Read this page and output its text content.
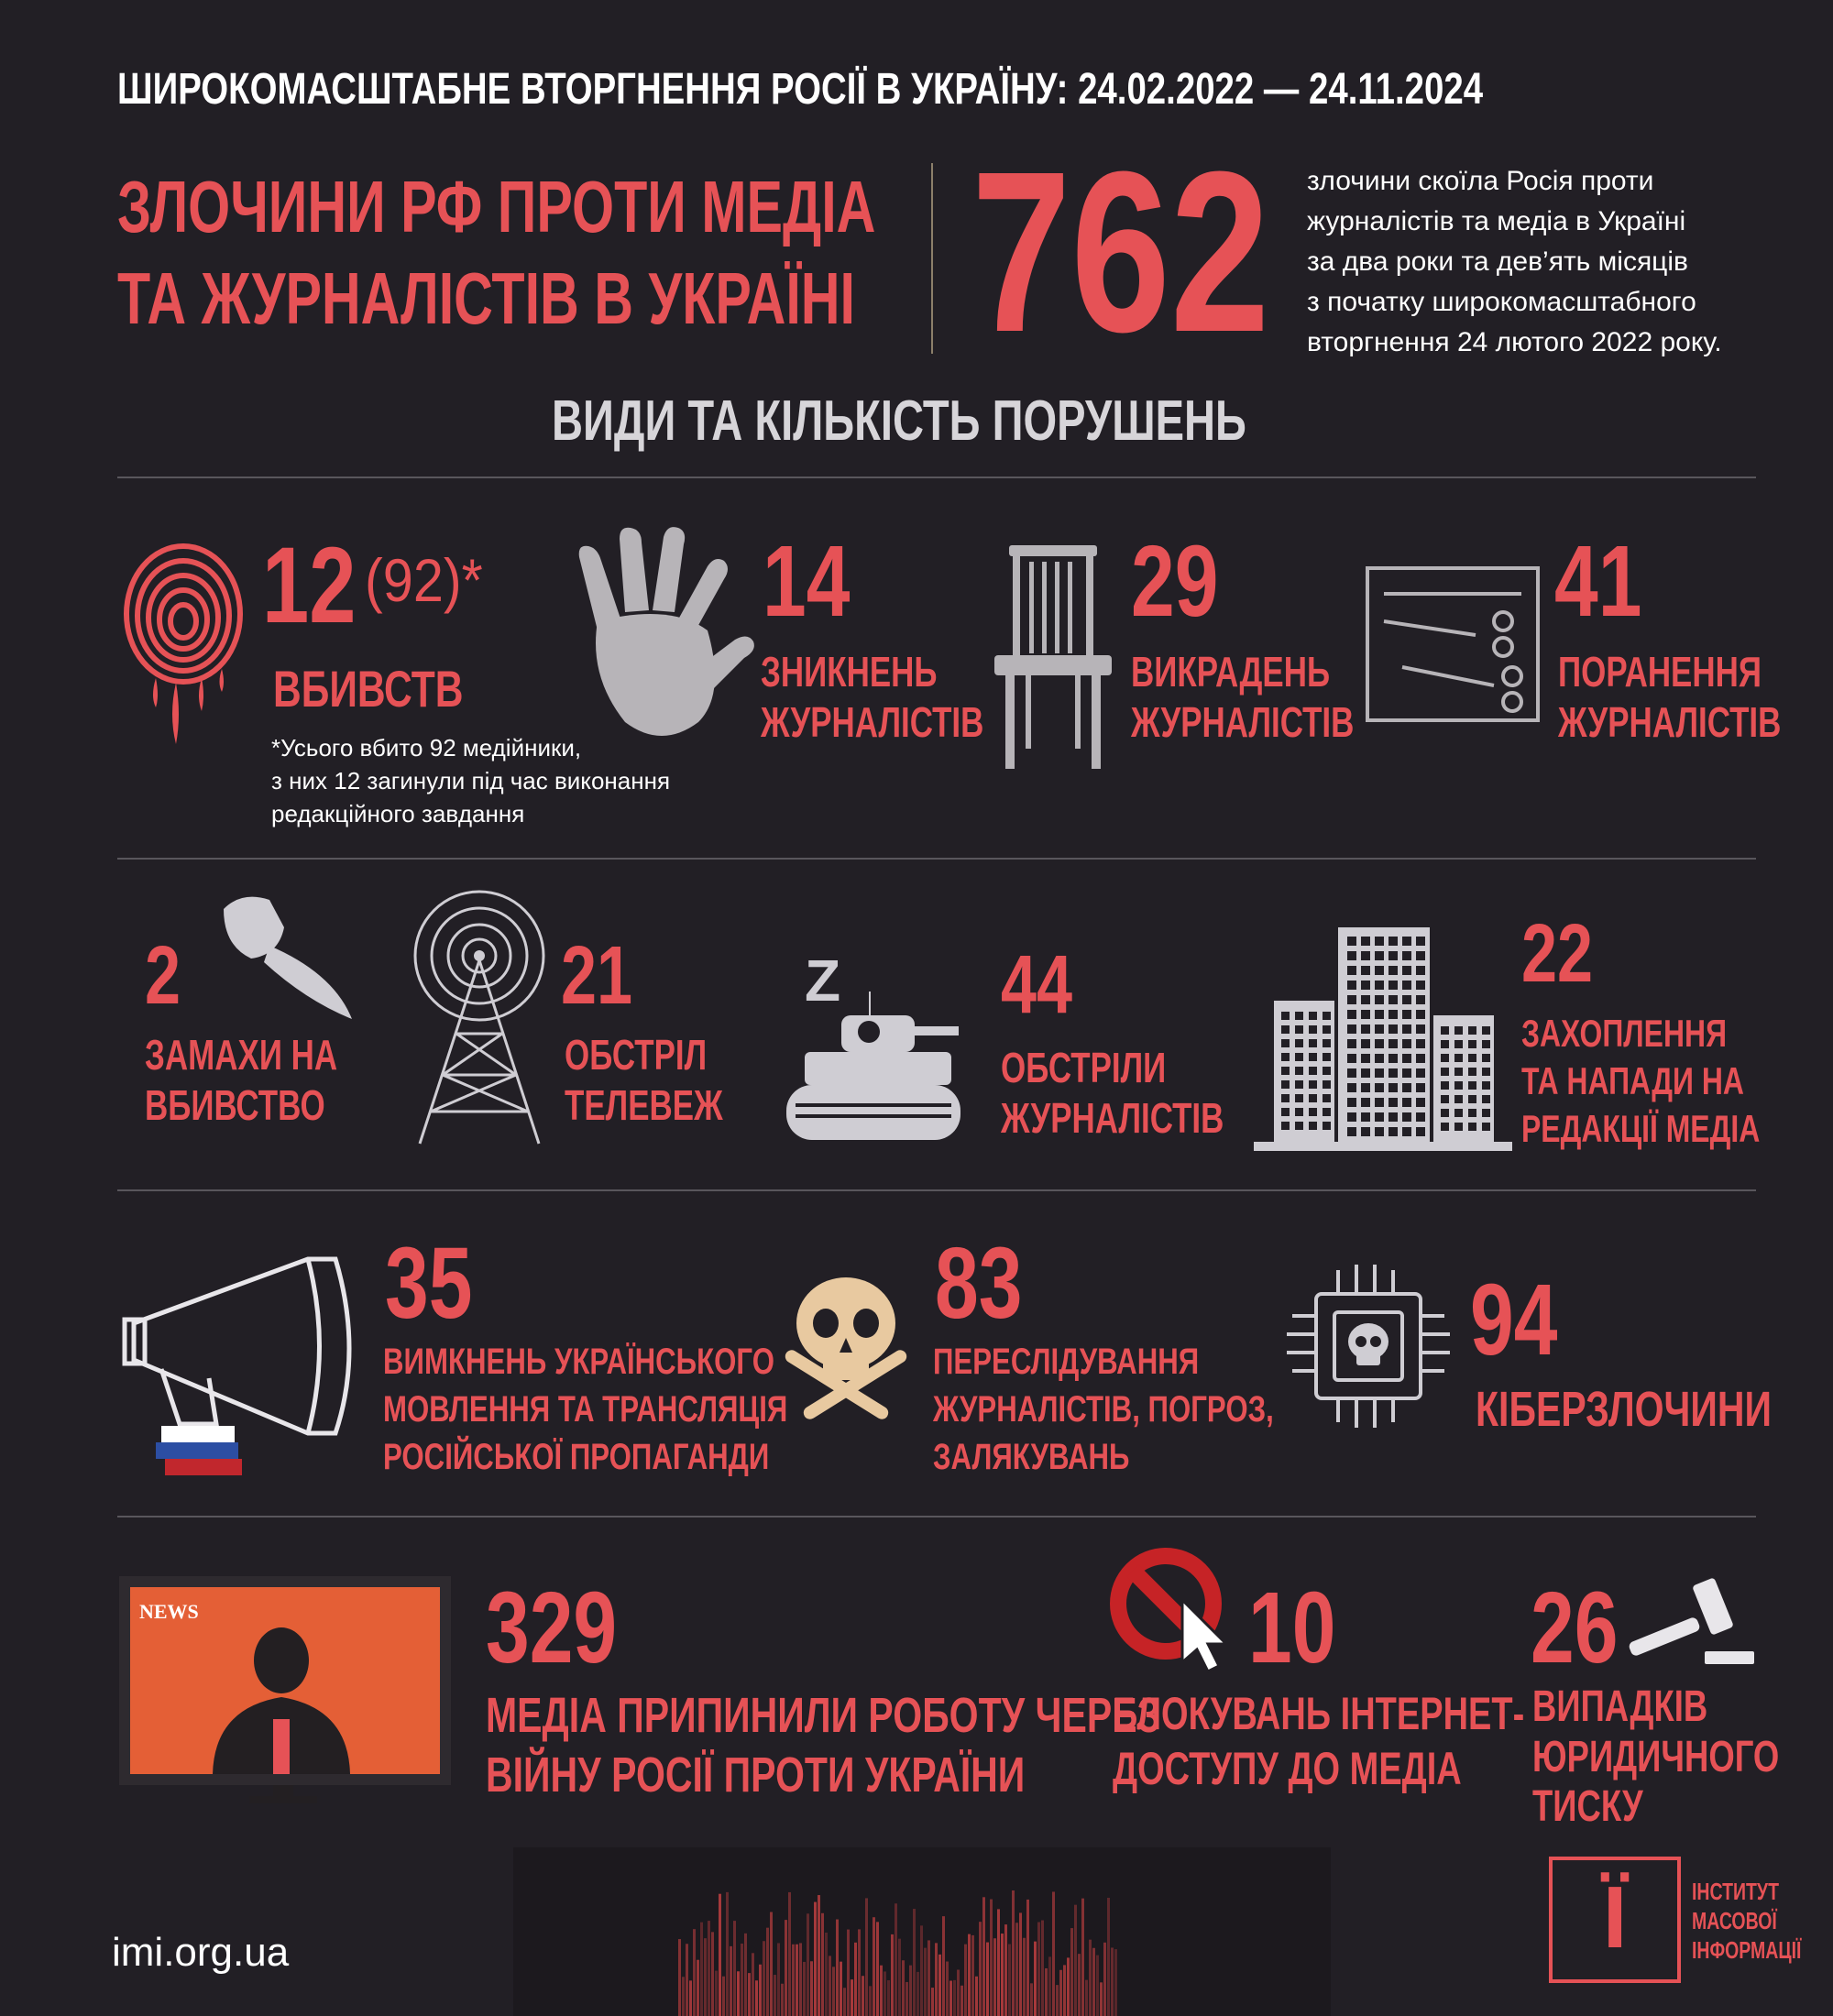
ШИРОКОМАСШТАБНЕ ВТОРГНЕННЯ РОСІЇ В УКРАЇНУ: 24.02.2022 — 24.11.2024
ЗЛОЧИНИ РФ ПРОТИ МЕДІА
ТА ЖУРНАЛІСТІВ В УКРАЇНІ 762 злочини скоїла Росія проти
журналістів та медіа в Україні
за два роки та дев’ять місяців
з початку широкомасштабного
вторгнення 24 лютого 2022 року.
ВИДИ ТА КІЛЬКІСТЬ ПОРУШЕНЬ
12 (92)*
ВБИВСТВ
*Усього вбито 92 медійники,
з них 12 загинули під час виконання
редакційного завдання
14
ЗНИКНЕНЬ
ЖУРНАЛІСТІВ
29
ВИКРАДЕНЬ
ЖУРНАЛІСТІВ
41
ПОРАНЕННЯ
ЖУРНАЛІСТІВ
2
ЗАМАХИ НА
ВБИВСТВО
21
ОБСТРІЛ
ТЕЛЕВЕЖ
Z 44
ОБСТРІЛИ
ЖУРНАЛІСТІВ
22
ЗАХОПЛЕННЯ
ТА НАПАДИ НА
РЕДАКЦІЇ МЕДІА
35
ВИМКНЕНЬ УКРАЇНСЬКОГО
МОВЛЕННЯ ТА ТРАНСЛЯЦІЯ
РОСІЙСЬКОЇ ПРОПАГАНДИ
83
ПЕРЕСЛІДУВАННЯ
ЖУРНАЛІСТІВ, ПОГРОЗ,
ЗАЛЯКУВАНЬ
94
КІБЕРЗЛОЧИНИ
NEWS	329
МЕДІА ПРИПИНИЛИ РОБОТУ ЧЕРЕЗ
ВІЙНУ РОСІЇ ПРОТИ УКРАЇНИ
10
БЛОКУВАНЬ ІНТЕРНЕТ-
ДОСТУПУ ДО МЕДІА
26
ВИПАДКІВ
ЮРИДИЧНОГО
ТИСКУ
imi.org.ua	Ї	ІНСТИТУТ
МАСОВОЇ
ІНФОРМАЦІЇ
